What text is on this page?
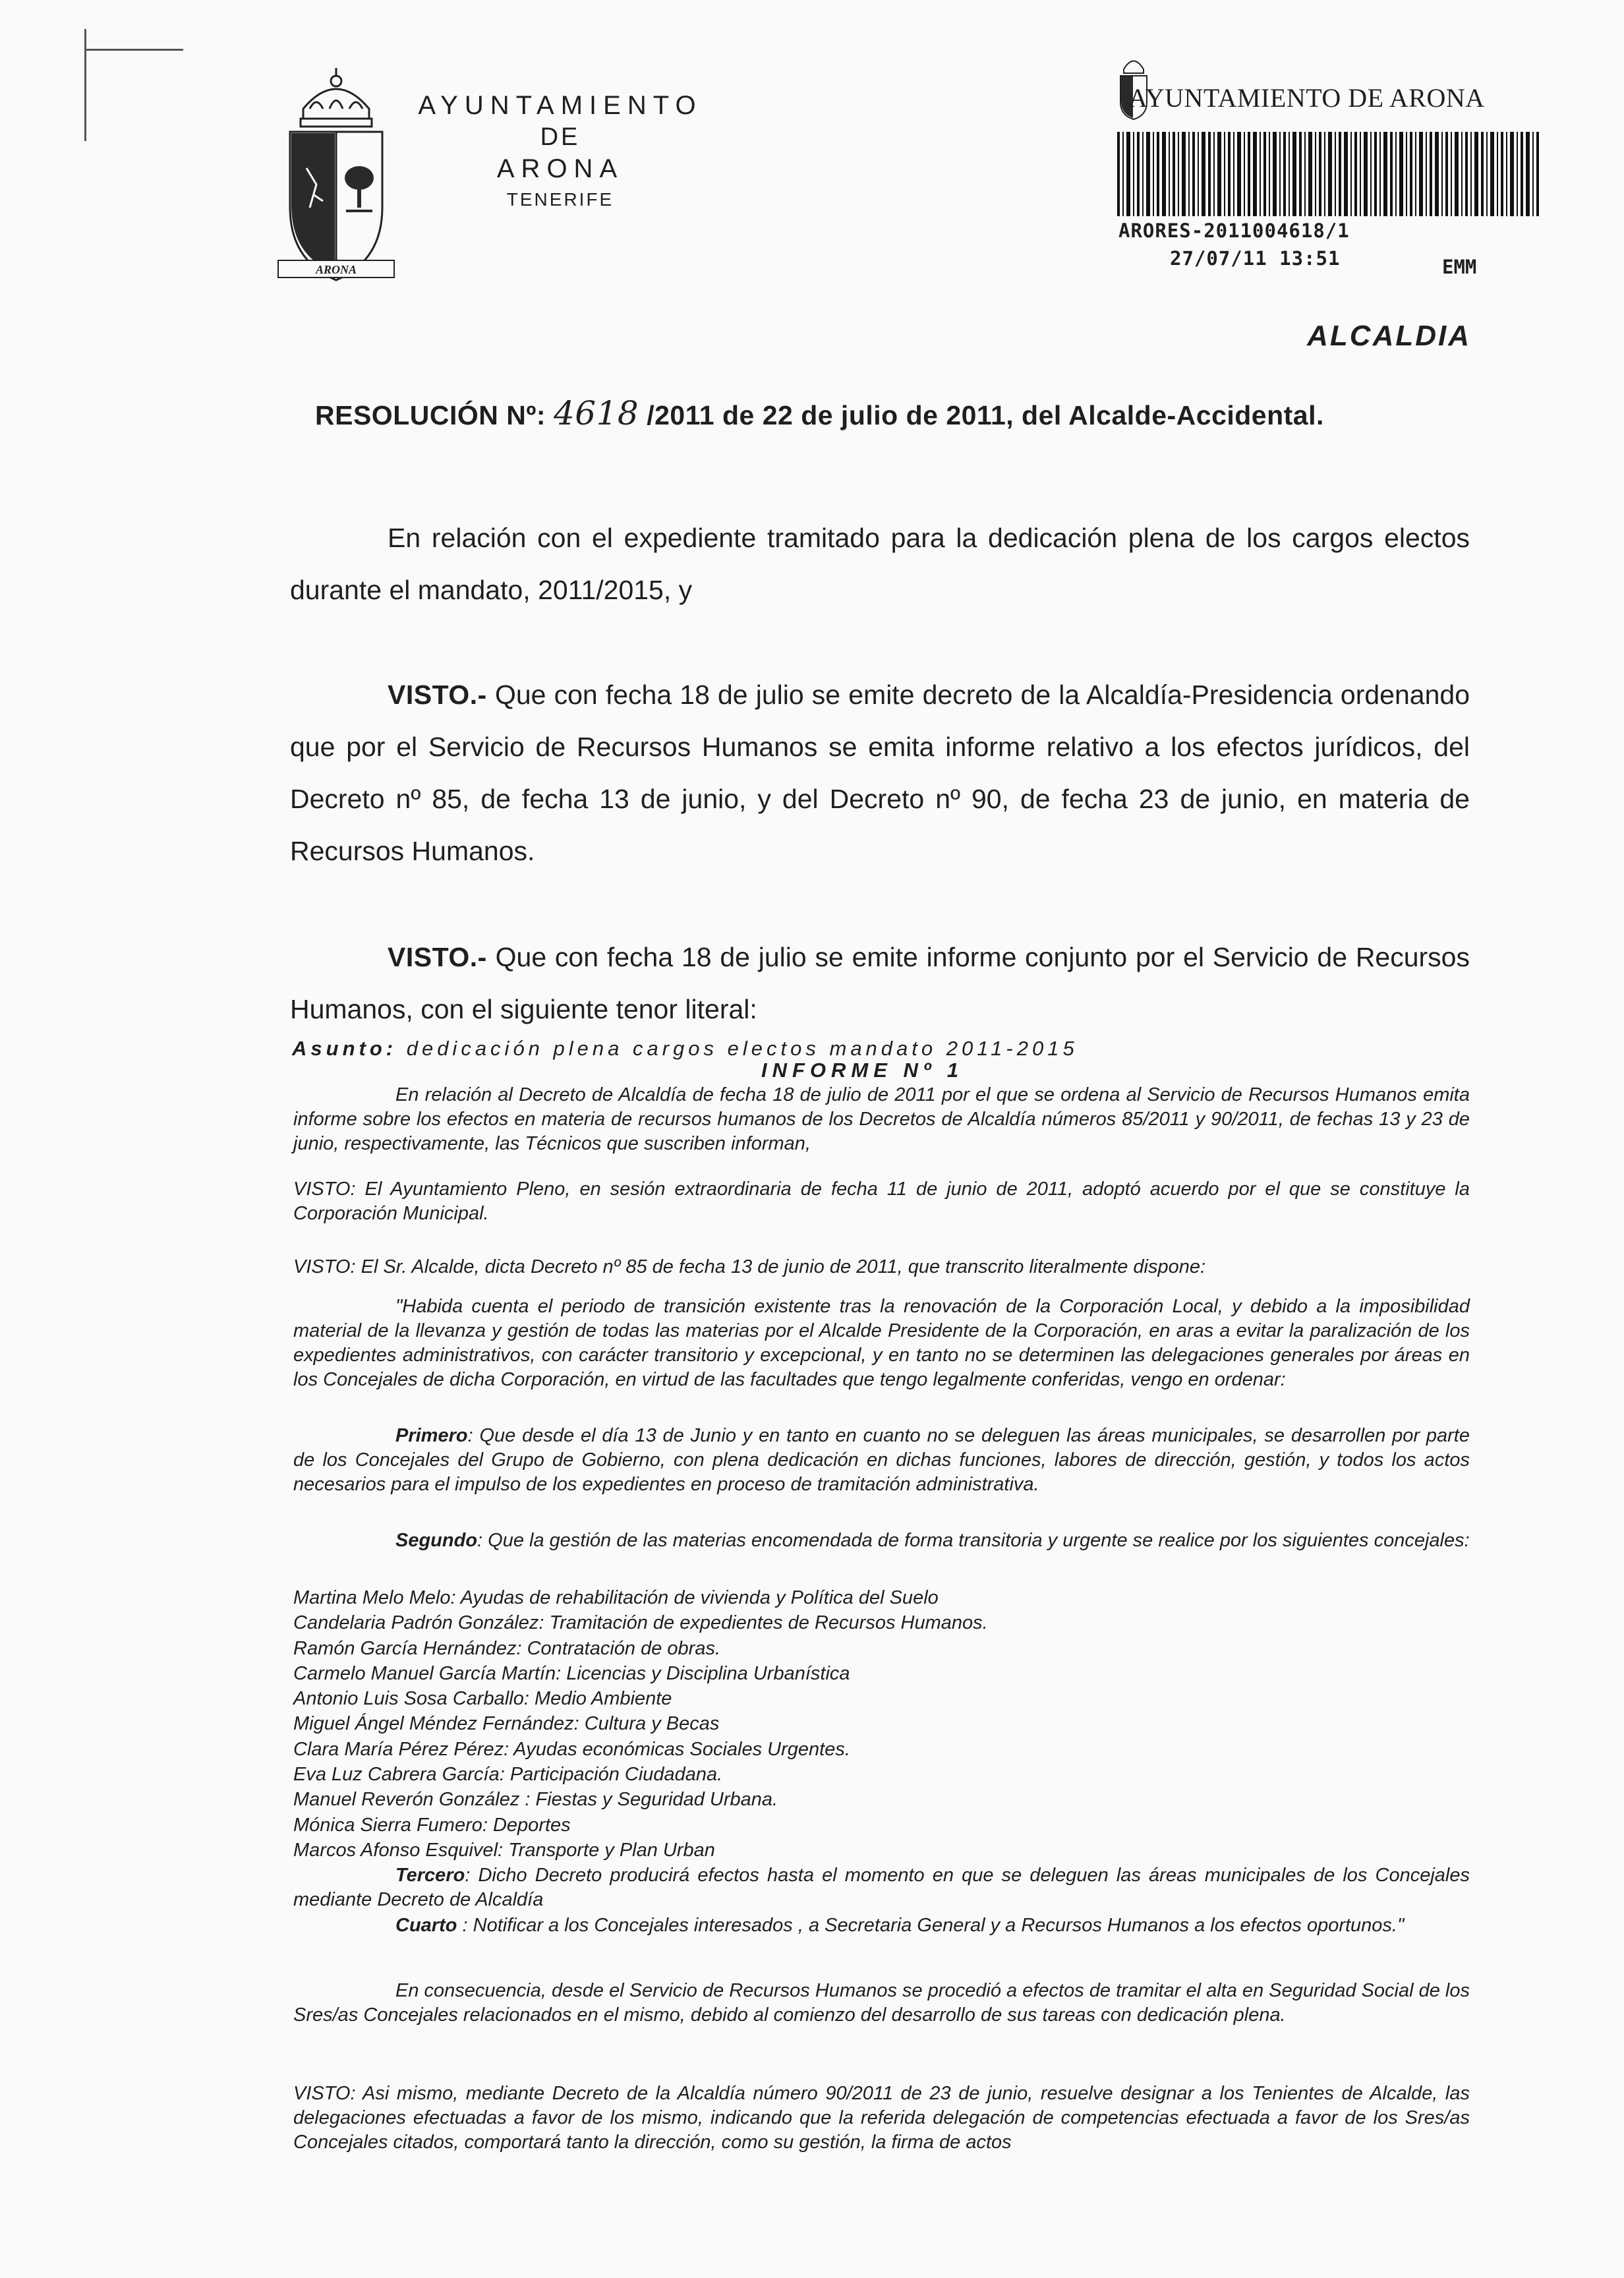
ARONA
AYUNTAMIENTO
DE
ARONA
TENERIFE
AYUNTAMIENTO DE ARONA
ARORES-2011004618/1
27/07/11 13:51	EMM
ALCALDIA
RESOLUCIÓN Nº: 4618 /2011 de 22 de julio de 2011, del Alcalde-Accidental.
En relación con el expediente tramitado para la dedicación plena de los cargos electos durante el mandato, 2011/2015, y
VISTO.- Que con fecha 18 de julio se emite decreto de la Alcaldía-Presidencia ordenando que por el Servicio de Recursos Humanos se emita informe relativo a los efectos jurídicos, del Decreto nº 85, de fecha 13 de junio, y del Decreto nº 90, de fecha 23 de junio, en materia de Recursos Humanos.
VISTO.- Que con fecha 18 de julio se emite informe conjunto por el Servicio de Recursos Humanos, con el siguiente tenor literal:
Asunto: dedicación plena cargos electos mandato 2011-2015
INFORME Nº 1

En relación al Decreto de Alcaldía de fecha 18 de julio de 2011 por el que se ordena al Servicio de Recursos Humanos emita informe sobre los efectos en materia de recursos humanos de los Decretos de Alcaldía números 85/2011 y 90/2011, de fechas 13 y 23 de junio, respectivamente, las Técnicos que suscriben informan,

VISTO: El Ayuntamiento Pleno, en sesión extraordinaria de fecha 11 de junio de 2011, adoptó acuerdo por el que se constituye la Corporación Municipal.

VISTO: El Sr. Alcalde, dicta Decreto nº 85 de fecha 13 de junio de 2011, que transcrito literalmente dispone:

"Habida cuenta el periodo de transición existente tras la renovación de la Corporación Local, y debido a la imposibilidad material de la llevanza y gestión de todas las materias por el Alcalde Presidente de la Corporación, en aras a evitar la paralización de los expedientes administrativos, con carácter transitorio y excepcional, y en tanto no se determinen las delegaciones generales por áreas en los Concejales de dicha Corporación, en virtud de las facultades que tengo legalmente conferidas, vengo en ordenar:

Primero: Que desde el día 13 de Junio y en tanto en cuanto no se deleguen las áreas municipales, se desarrollen por parte de los Concejales del Grupo de Gobierno, con plena dedicación en dichas funciones, labores de dirección, gestión, y todos los actos necesarios para el impulso de los expedientes en proceso de tramitación administrativa.

Segundo: Que la gestión de las materias encomendada de forma transitoria y urgente se realice por los siguientes concejales:

Martina Melo Melo: Ayudas de rehabilitación de vivienda y Política del Suelo
Candelaria Padrón González: Tramitación de expedientes de Recursos Humanos.
Ramón García Hernández: Contratación de obras.
Carmelo Manuel García Martín: Licencias y Disciplina Urbanística
Antonio Luis Sosa Carballo: Medio Ambiente
Miguel Ángel Méndez Fernández: Cultura y Becas
Clara María Pérez Pérez: Ayudas económicas Sociales Urgentes.
Eva Luz Cabrera García: Participación Ciudadana.
Manuel Reverón González : Fiestas y Seguridad Urbana.
Mónica Sierra Fumero: Deportes
Marcos Afonso Esquivel: Transporte y Plan Urban

Tercero: Dicho Decreto producirá efectos hasta el momento en que se deleguen las áreas municipales de los Concejales mediante Decreto de Alcaldía

Cuarto : Notificar a los Concejales interesados , a Secretaria General y a Recursos Humanos a los efectos oportunos."

En consecuencia, desde el Servicio de Recursos Humanos se procedió a efectos de tramitar el alta en Seguridad Social de los Sres/as Concejales relacionados en el mismo, debido al comienzo del desarrollo de sus tareas con dedicación plena.

VISTO: Asi mismo, mediante Decreto de la Alcaldía número 90/2011 de 23 de junio, resuelve designar a los Tenientes de Alcalde, las delegaciones efectuadas a favor de los mismo, indicando que la referida delegación de competencias efectuada a favor de los Sres/as Concejales citados, comportará tanto la dirección, como su gestión, la firma de actos
